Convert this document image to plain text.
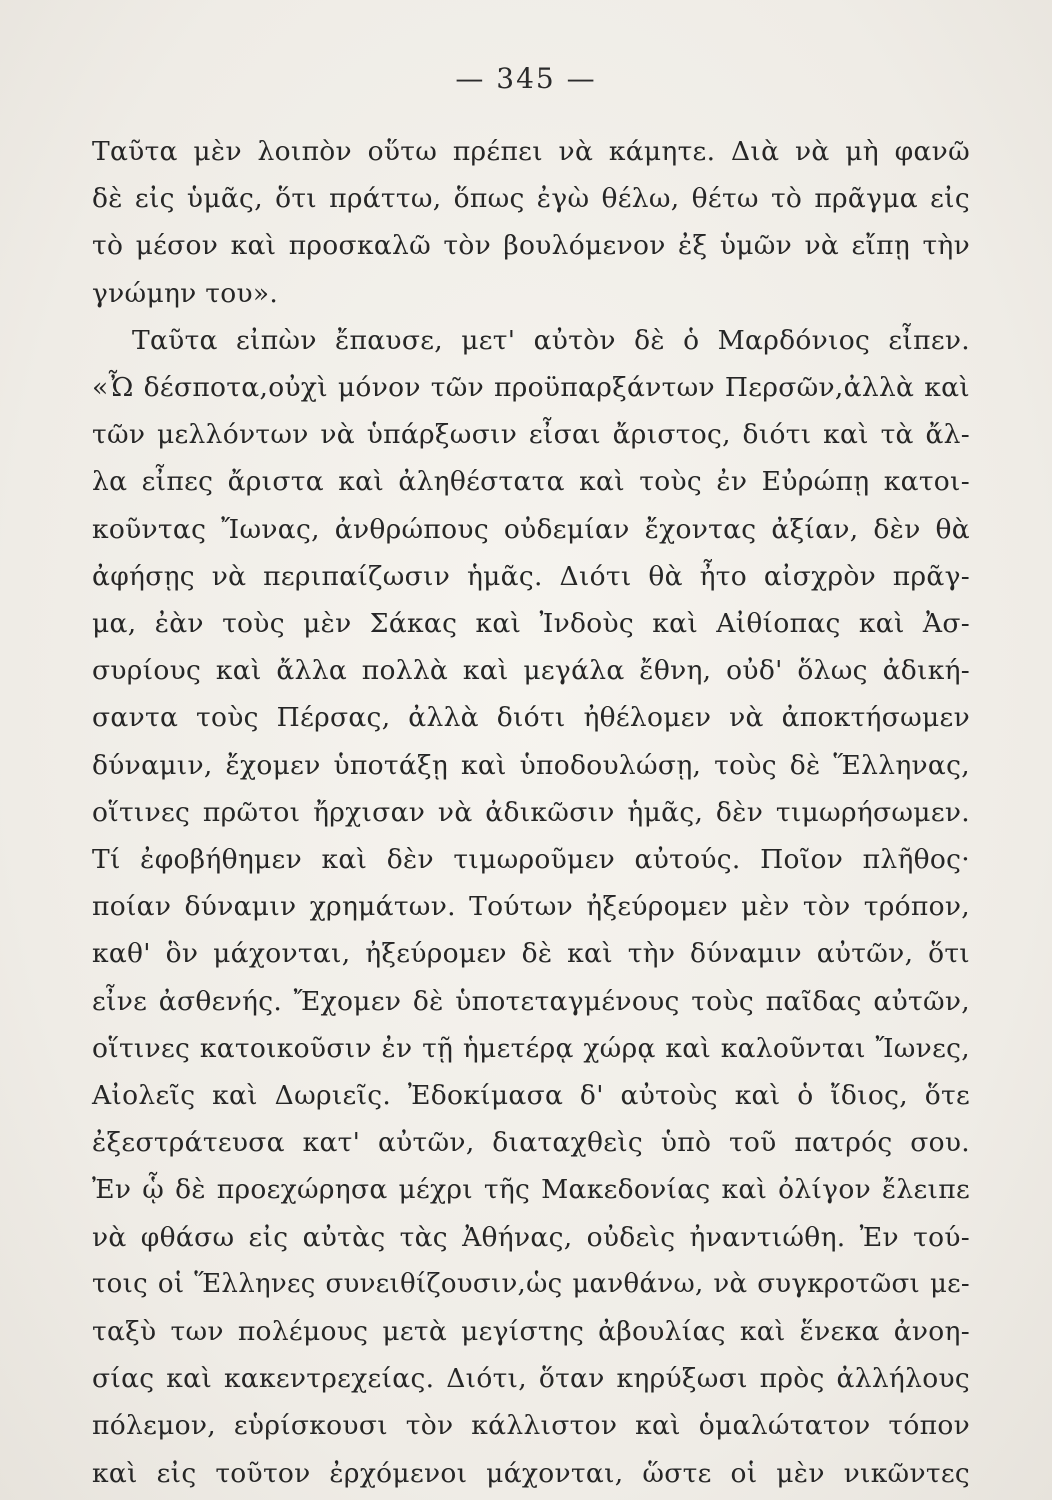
— 345 —
Ταῦτα μὲν λοιπὸν οὕτω πρέπει νὰ κάμητε. Διὰ νὰ μὴ φανῶ
δὲ εἰς ὑμᾶς, ὅτι πράττω, ὅπως ἐγὼ θέλω, θέτω τὸ πρᾶγμα εἰς
τὸ μέσον καὶ προσκαλῶ τὸν βουλόμενον ἐξ ὑμῶν νὰ εἴπῃ τὴν
γνώμην του».
Ταῦτα εἰπὼν ἔπαυσε, μετ' αὐτὸν δὲ ὁ Μαρδόνιος εἶπεν.
«Ὦ δέσποτα,οὐχὶ μόνον τῶν προϋπαρξάντων Περσῶν,ἀλλὰ καὶ
τῶν μελλόντων νὰ ὑπάρξωσιν εἶσαι ἄριστος, διότι καὶ τὰ ἄλ-
λα εἶπες ἄριστα καὶ ἀληθέστατα καὶ τοὺς ἐν Εὐρώπῃ κατοι-
κοῦντας Ἴωνας, ἀνθρώπους οὐδεμίαν ἔχοντας ἀξίαν, δὲν θὰ
ἀφήσῃς νὰ περιπαίζωσιν ἡμᾶς. Διότι θὰ ἦτο αἰσχρὸν πρᾶγ-
μα, ἐὰν τοὺς μὲν Σάκας καὶ Ἰνδοὺς καὶ Αἰθίοπας καὶ Ἀσ-
συρίους καὶ ἄλλα πολλὰ καὶ μεγάλα ἔθνη, οὐδ' ὅλως ἀδική-
σαντα τοὺς Πέρσας, ἀλλὰ διότι ἠθέλομεν νὰ ἀποκτήσωμεν
δύναμιν, ἔχομεν ὑποτάξῃ καὶ ὑποδουλώσῃ, τοὺς δὲ Ἕλληνας,
οἵτινες πρῶτοι ἤρχισαν νὰ ἀδικῶσιν ἡμᾶς, δὲν τιμωρήσωμεν.
Τί ἐφοβήθημεν καὶ δὲν τιμωροῦμεν αὐτούς. Ποῖον πλῆθος·
ποίαν δύναμιν χρημάτων. Τούτων ἠξεύρομεν μὲν τὸν τρόπον,
καθ' ὃν μάχονται, ἠξεύρομεν δὲ καὶ τὴν δύναμιν αὐτῶν, ὅτι
εἶνε ἀσθενής. Ἔχομεν δὲ ὑποτεταγμένους τοὺς παῖδας αὐτῶν,
οἵτινες κατοικοῦσιν ἐν τῇ ἡμετέρᾳ χώρᾳ καὶ καλοῦνται Ἴωνες,
Αἰολεῖς καὶ Δωριεῖς. Ἐδοκίμασα δ' αὐτοὺς καὶ ὁ ἴδιος, ὅτε
ἐξεστράτευσα κατ' αὐτῶν, διαταχθεὶς ὑπὸ τοῦ πατρός σου.
Ἐν ᾧ δὲ προεχώρησα μέχρι τῆς Μακεδονίας καὶ ὀλίγον ἔλειπε
νὰ φθάσω εἰς αὐτὰς τὰς Ἀθήνας, οὐδεὶς ἠναντιώθη. Ἐν τού-
τοις οἱ Ἕλληνες συνειθίζουσιν,ὡς μανθάνω, νὰ συγκροτῶσι με-
ταξὺ των πολέμους μετὰ μεγίστης ἀβουλίας καὶ ἕνεκα ἀνοη-
σίας καὶ κακεντρεχείας. Διότι, ὅταν κηρύξωσι πρὸς ἀλλήλους
πόλεμον, εὑρίσκουσι τὸν κάλλιστον καὶ ὁμαλώτατον τόπον
καὶ εἰς τοῦτον ἐρχόμενοι μάχονται, ὥστε οἱ μὲν νικῶντες
